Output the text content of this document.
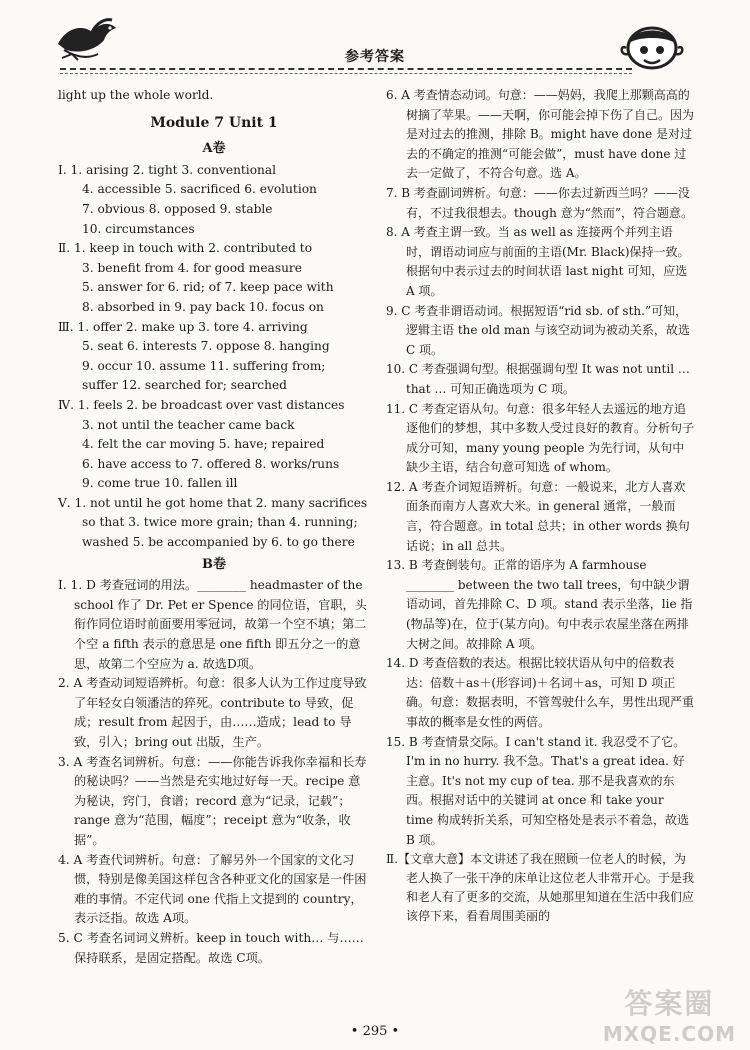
参考答案

light up the whole world.

Module 7 Unit 1

A卷

Ⅰ. 1. arising 2. tight 3. conventional

4. accessible 5. sacrificed 6. evolution

7. obvious 8. opposed 9. stable

10. circumstances

Ⅱ. 1. keep in touch with 2. contributed to

3. benefit from 4. for good measure

5. answer for 6. rid; of 7. keep pace with

8. absorbed in 9. pay back 10. focus on

Ⅲ. 1. offer 2. make up 3. tore 4. arriving

5. seat 6. interests 7. oppose 8. hanging

9. occur 10. assume 11. suffering from;

suffer 12. searched for; searched

Ⅳ. 1. feels 2. be broadcast over vast distances

3. not until the teacher came back

4. felt the car moving 5. have; repaired

6. have access to 7. offered 8. works/runs

9. come true 10. fallen ill

Ⅴ. 1. not until he got home that 2. many sacrifices

so that 3. twice more grain; than 4. running;

washed 5. be accompanied by 6. to go there

B卷

Ⅰ. 1. D 考查冠词的用法。________ headmaster of the school 作了 Dr. Pet er Spence 的同位语，官职，头衔作同位语时前面要用零冠词，故第一个空不填；第二个空 a fifth 表示的意思是 one fifth 即五分之一的意思，故第二个空应为 a. 故选D项。

2. A 考查动词短语辨析。句意：很多人认为工作过度导致了年轻女白领潘洁的猝死。contribute to 导致，促成；result from 起因于，由……造成；lead to 导致，引入；bring out 出版，生产。

3. A 考查名词辨析。句意：——你能告诉我你幸福和长寿的秘诀吗？——当然是充实地过好每一天。recipe 意为秘诀，窍门，食谱；record 意为“记录，记载”；range 意为“范围，幅度”；receipt 意为“收条，收据”。

4. A 考查代词辨析。句意：了解另外一个国家的文化习惯，特别是像美国这样包含各种亚文化的国家是一件困难的事情。不定代词 one 代指上文提到的 country，表示泛指。故选 A项。

5. C 考查名词词义辨析。keep in touch with… 与……保持联系，是固定搭配。故选 C项。

6. A 考查情态动词。句意：——妈妈，我爬上那颗高高的树摘了苹果。——天啊，你可能会掉下伤了自己。因为是对过去的推测，排除 B。might have done 是对过去的不确定的推测“可能会做”，must have done 过去一定做了，不符合句意。选 A。

7. B 考查副词辨析。句意：——你去过新西兰吗？——没有，不过我很想去。though 意为“然而”，符合题意。

8. A 考查主谓一致。当 as well as 连接两个并列主语时，谓语动词应与前面的主语(Mr. Black)保持一致。根据句中表示过去的时间状语 last night 可知，应选 A 项。

9. C 考查非谓语动词。根据短语“rid sb. of sth.”可知，逻辑主语 the old man 与该空动词为被动关系，故选 C 项。

10. C 考查强调句型。根据强调句型 It was not until … that … 可知正确选项为 C 项。

11. C 考查定语从句。句意：很多年轻人去遥远的地方追逐他们的梦想，其中多数人受过良好的教育。分析句子成分可知，many young people 为先行词，从句中缺少主语，结合句意可知选 of whom。

12. A 考查介词短语辨析。句意：一般说来，北方人喜欢面条而南方人喜欢大米。in general 通常，一般而言，符合题意。in total 总共；in other words 换句话说；in all 总共。

13. B 考查倒装句。正常的语序为 A farmhouse ________ between the two tall trees，句中缺少谓语动词，首先排除 C、D 项。stand 表示坐落，lie 指(物品等)在，位于(某方向)。句中表示农屋坐落在两排大树之间。故排除 A 项。

14. D 考查倍数的表达。根据比较状语从句中的倍数表达：倍数＋as＋(形容词)＋名词＋as，可知 D 项正确。句意：数据表明，不管驾驶什么车，男性出现严重事故的概率是女性的两倍。

15. B 考查情景交际。I can't stand it. 我忍受不了它。I'm in no hurry. 我不急。That's a great idea. 好主意。It's not my cup of tea. 那不是我喜欢的东西。根据对话中的关键词 at once 和 take your time 构成转折关系，可知空格处是表示不着急，故选 B 项。

Ⅱ.【文章大意】本文讲述了我在照顾一位老人的时候，为老人换了一张干净的床单让这位老人非常开心。于是我和老人有了更多的交流，从她那里知道在生活中我们应该停下来，看看周围美丽的

• 295 •
答案圈
MXQE.COM
